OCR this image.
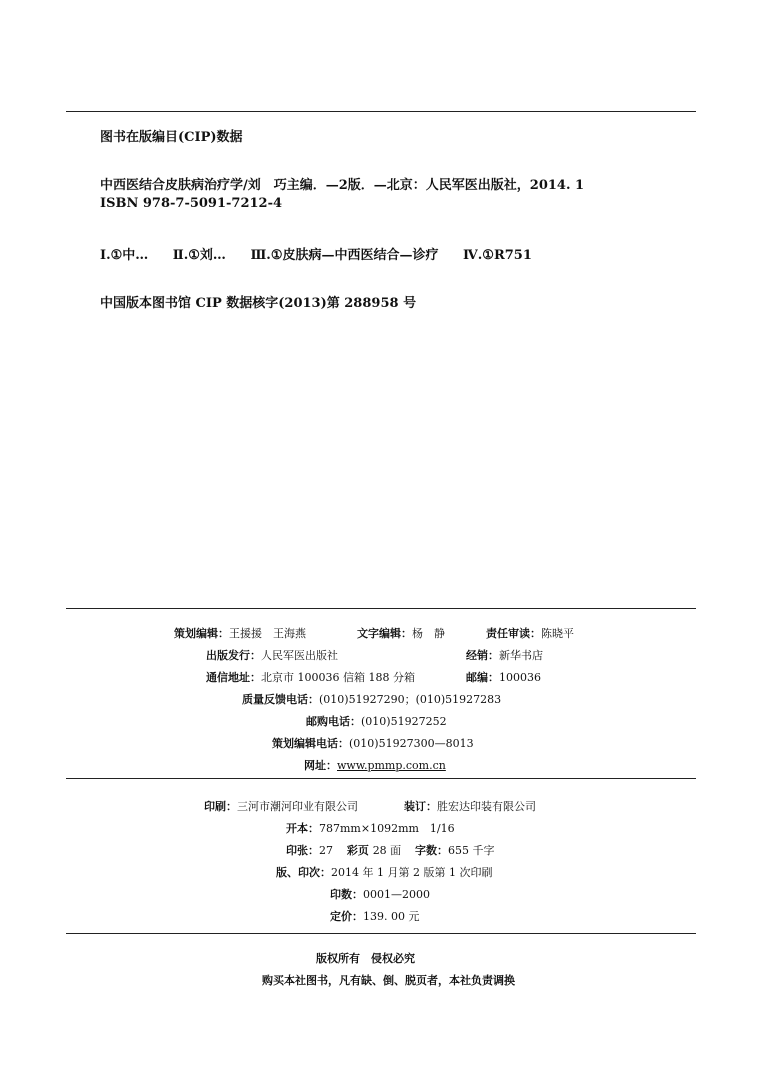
图书在版编目(CIP)数据
中西医结合皮肤病治疗学/刘　巧主编．—2版．—北京：人民军医出版社，2014. 1
ISBN 978-7-5091-7212-4
Ⅰ.①中… Ⅱ.①刘… Ⅲ.①皮肤病—中西医结合—诊疗 Ⅳ.①R751
中国版本图书馆 CIP 数据核字(2013)第 288958 号
策划编辑：王援援　王海燕	文字编辑：杨　静	责任审读：陈晓平
出版发行：人民军医出版社	经销：新华书店
通信地址：北京市 100036 信箱 188 分箱	邮编：100036
质量反馈电话：(010)51927290；(010)51927283
邮购电话：(010)51927252
策划编辑电话：(010)51927300—8013
网址：www.pmmp.com.cn
印刷：三河市潮河印业有限公司	装订：胜宏达印装有限公司
开本：787mm×1092mm　1/16
印张：27 彩页 28 面 字数：655 千字
版、印次：2014 年 1 月第 2 版第 1 次印刷
印数：0001—2000
定价：139. 00 元
版权所有　侵权必究
购买本社图书，凡有缺、倒、脱页者，本社负责调换
